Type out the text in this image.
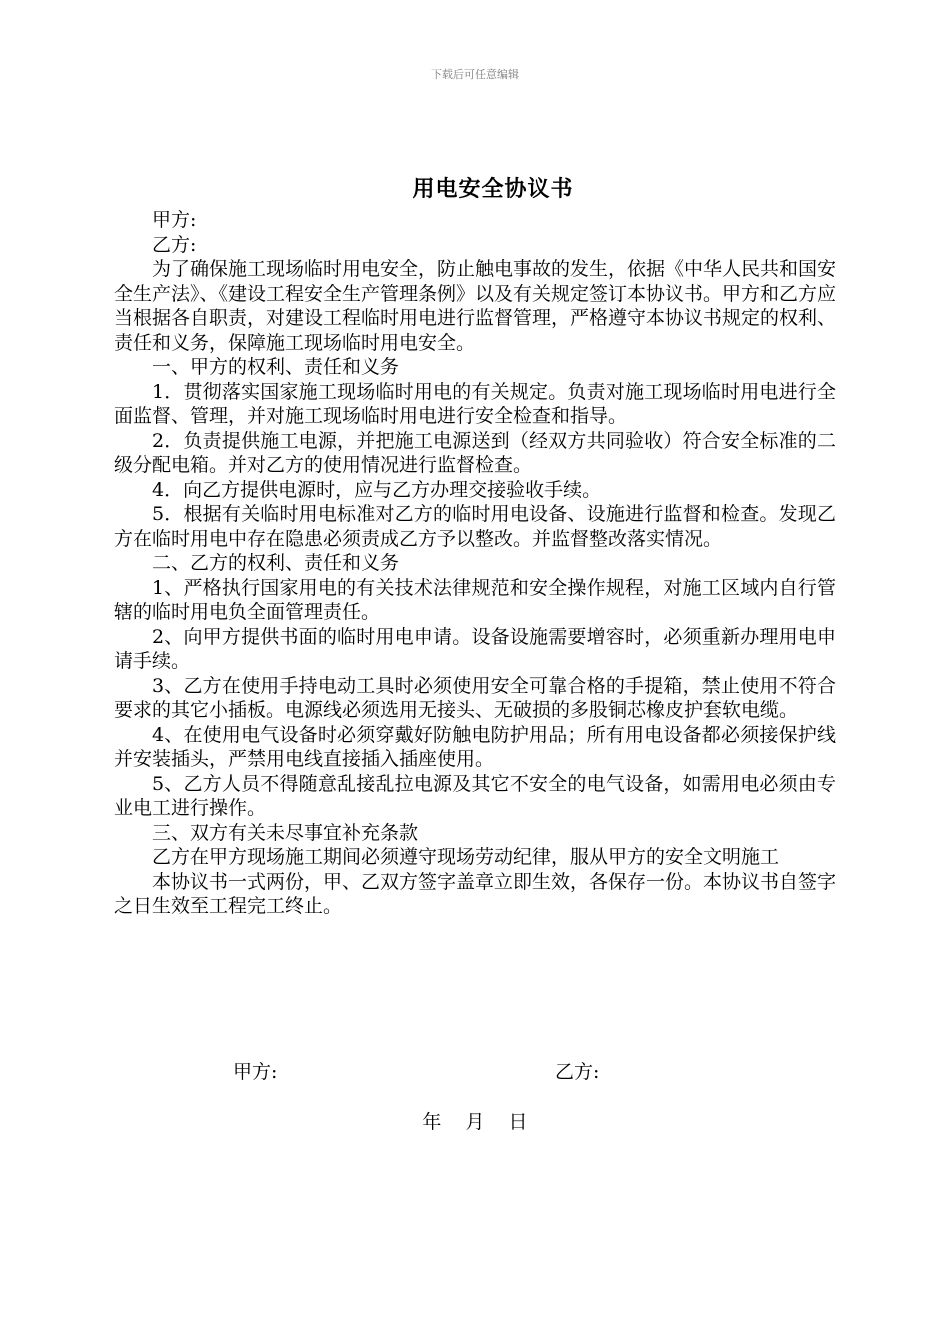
下载后可任意编辑
用电安全协议书

甲方:

乙方:

为了确保施工现场临时用电安全，防止触电事故的发生，依据《中华人民共和国安全生产法》、《建设工程安全生产管理条例》以及有关规定签订本协议书。甲方和乙方应当根据各自职责，对建设工程临时用电进行监督管理，严格遵守本协议书规定的权利、责任和义务，保障施工现场临时用电安全。

一、甲方的权利、责任和义务

1．贯彻落实国家施工现场临时用电的有关规定。负责对施工现场临时用电进行全面监督、管理，并对施工现场临时用电进行安全检查和指导。

2．负责提供施工电源，并把施工电源送到（经双方共同验收）符合安全标准的二级分配电箱。并对乙方的使用情况进行监督检查。

4．向乙方提供电源时，应与乙方办理交接验收手续。

5．根据有关临时用电标准对乙方的临时用电设备、设施进行监督和检查。发现乙方在临时用电中存在隐患必须责成乙方予以整改。并监督整改落实情况。

二、乙方的权利、责任和义务

1、严格执行国家用电的有关技术法律规范和安全操作规程，对施工区域内自行管辖的临时用电负全面管理责任。

2、向甲方提供书面的临时用电申请。设备设施需要增容时，必须重新办理用电申请手续。

3、乙方在使用手持电动工具时必须使用安全可靠合格的手提箱，禁止使用不符合要求的其它小插板。电源线必须选用无接头、无破损的多股铜芯橡皮护套软电缆。

4、在使用电气设备时必须穿戴好防触电防护用品；所有用电设备都必须接保护线并安装插头，严禁用电线直接插入插座使用。

5、乙方人员不得随意乱接乱拉电源及其它不安全的电气设备，如需用电必须由专业电工进行操作。

三、双方有关未尽事宜补充条款

乙方在甲方现场施工期间必须遵守现场劳动纪律，服从甲方的安全文明施工

本协议书一式两份，甲、乙双方签字盖章立即生效，各保存一份。本协议书自签字之日生效至工程完工终止。

甲方:	乙方:
年 月 日
